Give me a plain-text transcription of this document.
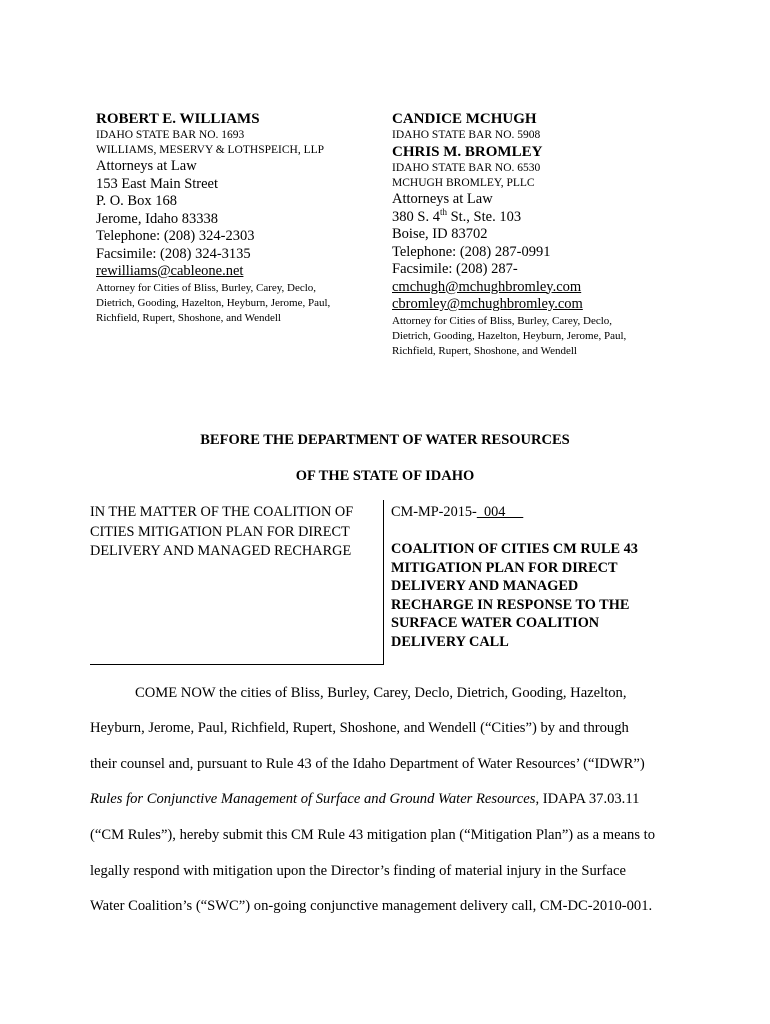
ROBERT E. WILLIAMS
IDAHO STATE BAR NO. 1693
WILLIAMS, MESERVY & LOTHSPEICH, LLP
Attorneys at Law
153 East Main Street
P. O. Box 168
Jerome, Idaho 83338
Telephone: (208) 324-2303
Facsimile: (208) 324-3135
rewilliams@cableone.net
Attorney for Cities of Bliss, Burley, Carey, Declo,
Dietrich, Gooding, Hazelton, Heyburn, Jerome, Paul,
Richfield, Rupert, Shoshone, and Wendell
CANDICE MCHUGH
IDAHO STATE BAR NO. 5908
CHRIS M. BROMLEY
IDAHO STATE BAR NO. 6530
MCHUGH BROMLEY, PLLC
Attorneys at Law
380 S. 4th St., Ste. 103
Boise, ID 83702
Telephone: (208) 287-0991
Facsimile: (208) 287-
cmchugh@mchughbromley.com
cbromley@mchughbromley.com
Attorney for Cities of Bliss, Burley, Carey, Declo,
Dietrich, Gooding, Hazelton, Heyburn, Jerome, Paul,
Richfield, Rupert, Shoshone, and Wendell
BEFORE THE DEPARTMENT OF WATER RESOURCES
OF THE STATE OF IDAHO
IN THE MATTER OF THE COALITION OF
CITIES MITIGATION PLAN FOR DIRECT
DELIVERY AND MANAGED RECHARGE
CM-MP-2015-  004
COALITION OF CITIES CM RULE 43
MITIGATION PLAN FOR DIRECT
DELIVERY AND MANAGED
RECHARGE IN RESPONSE TO THE
SURFACE WATER COALITION
DELIVERY CALL
COME NOW the cities of Bliss, Burley, Carey, Declo, Dietrich, Gooding, Hazelton,
Heyburn, Jerome, Paul, Richfield, Rupert, Shoshone, and Wendell (“Cities”) by and through
their counsel and, pursuant to Rule 43 of the Idaho Department of Water Resources’ (“IDWR”)
Rules for Conjunctive Management of Surface and Ground Water Resources, IDAPA 37.03.11
(“CM Rules”), hereby submit this CM Rule 43 mitigation plan (“Mitigation Plan”) as a means to
legally respond with mitigation upon the Director’s finding of material injury in the Surface
Water Coalition’s (“SWC”) on-going conjunctive management delivery call, CM-DC-2010-001.
